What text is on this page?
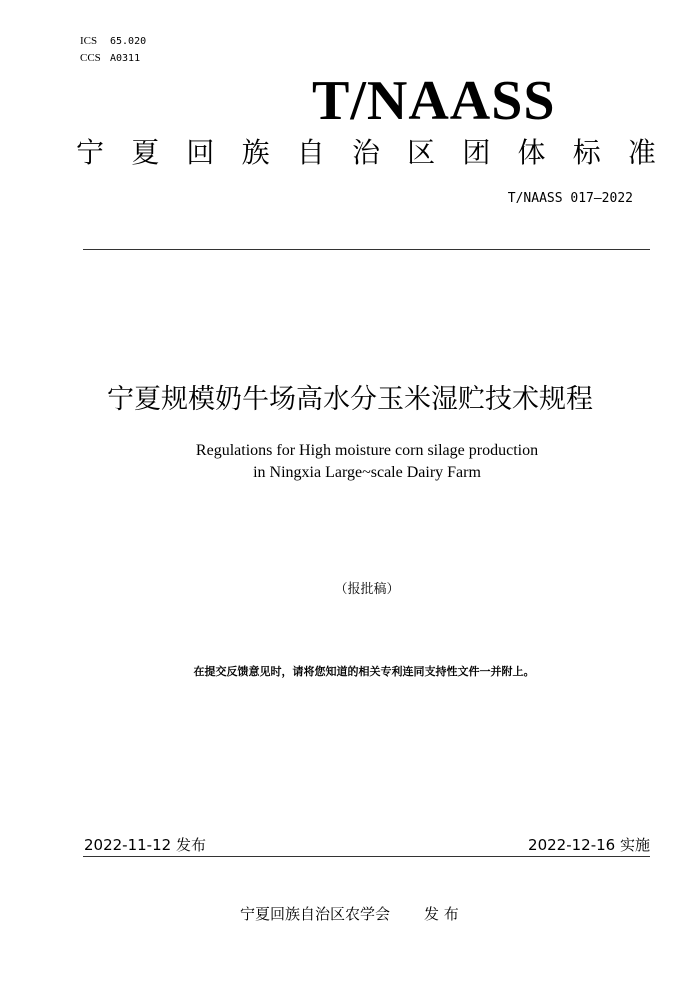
ICS 65.020
CCS A0311
T/NAASS
宁 夏 回 族 自 治 区 团 体 标 准
T/NAASS 017—2022
宁夏规模奶牛场高水分玉米湿贮技术规程
Regulations for High moisture corn silage production
in Ningxia Large~scale Dairy Farm
（报批稿）
在提交反馈意见时，请将您知道的相关专利连同支持性文件一并附上。
2022-11-12 发布	2022-12-16 实施
宁夏回族自治区农学会 发 布
